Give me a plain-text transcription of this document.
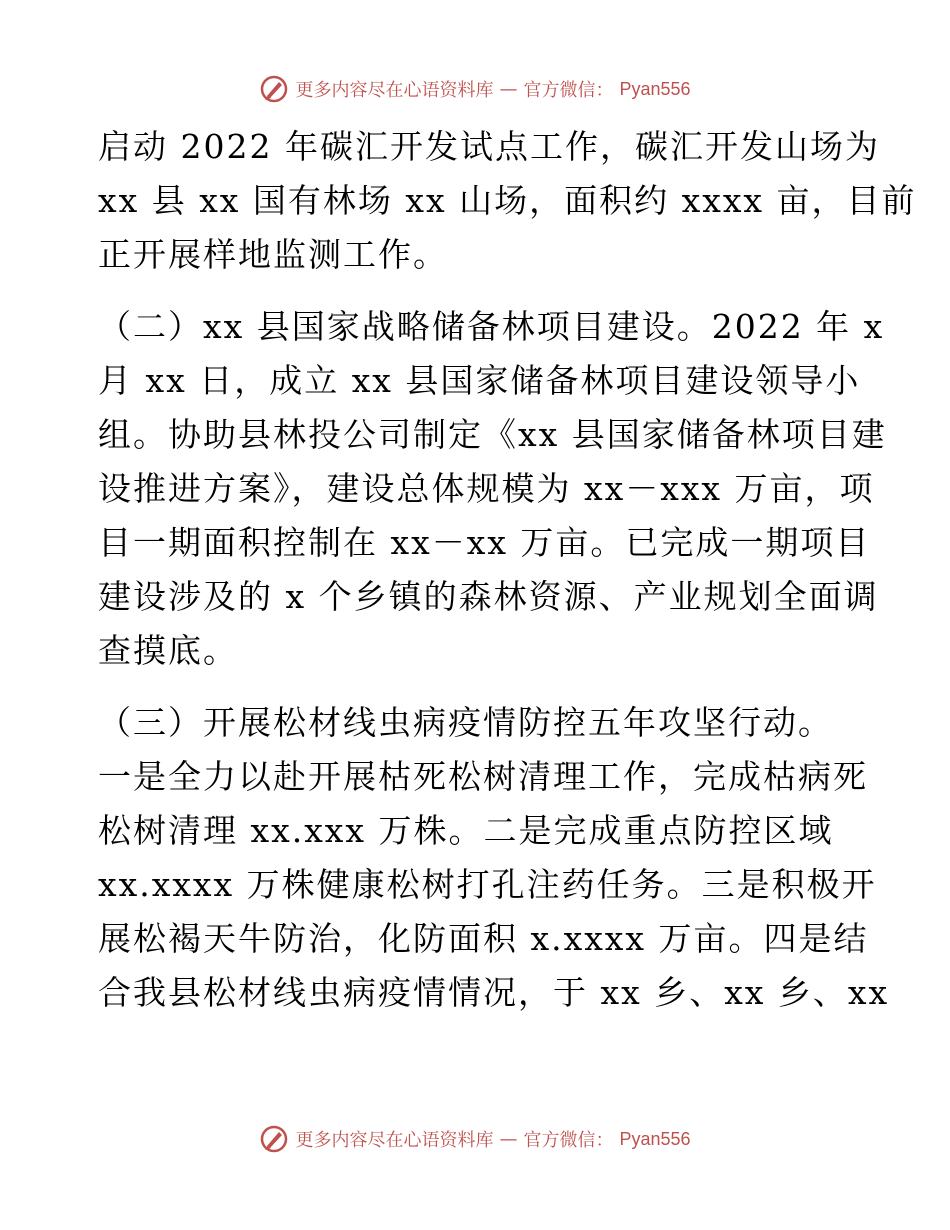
更多内容尽在心语资料库 — 官方微信： Pyan556
启动 2022 年碳汇开发试点工作，碳汇开发山场为
xx 县 xx 国有林场 xx 山场，面积约 xxxx 亩，目前
正开展样地监测工作。
（二）xx 县国家战略储备林项目建设。2022 年 x
月 xx 日，成立 xx 县国家储备林项目建设领导小
组。协助县林投公司制定《xx 县国家储备林项目建
设推进方案》，建设总体规模为 xx－xxx 万亩，项
目一期面积控制在 xx－xx 万亩。已完成一期项目
建设涉及的 x 个乡镇的森林资源、产业规划全面调
查摸底。
（三）开展松材线虫病疫情防控五年攻坚行动。
一是全力以赴开展枯死松树清理工作，完成枯病死
松树清理 xx.xxx 万株。二是完成重点防控区域
xx.xxxx 万株健康松树打孔注药任务。三是积极开
展松褐天牛防治，化防面积 x.xxxx 万亩。四是结
合我县松材线虫病疫情情况，于 xx 乡、xx 乡、xx
更多内容尽在心语资料库 — 官方微信： Pyan556
